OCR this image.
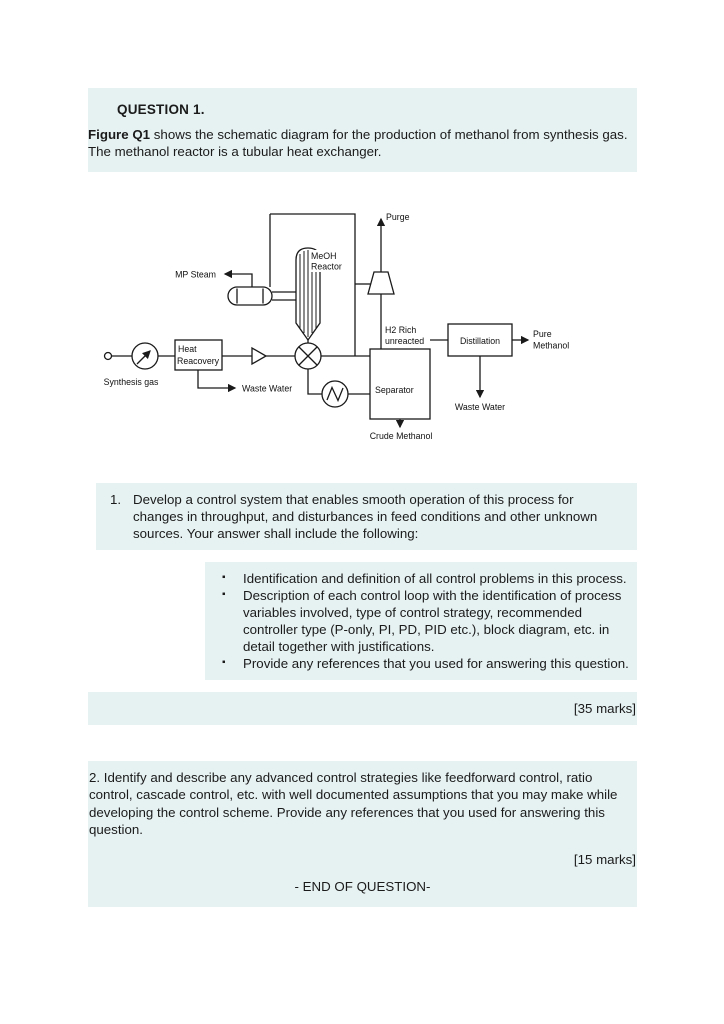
QUESTION 1.

Figure Q1 shows the schematic diagram for the production of methanol from synthesis gas. The methanol reactor is a tubular heat exchanger.

Purge
MeOH
Reactor
MP Steam
H2 Rich
unreacted	Distillation
Pure
Methanol
Heat
Reacovery
Synthesis gas
Waste Water	Separator
Waste Water
Crude Methanol
1. Develop a control system that enables smooth operation of this process for changes in throughput, and disturbances in feed conditions and other unknown sources. Your answer shall include the following:
▪	Identification and definition of all control problems in this process.
▪	Description of each control loop with the identification of process variables involved, type of control strategy, recommended controller type (P-only, PI, PD, PID etc.), block diagram, etc. in detail together with justifications.
▪	Provide any references that you used for answering this question.
[35 marks]

2. Identify and describe any advanced control strategies like feedforward control, ratio control, cascade control, etc. with well documented assumptions that you may make while developing the control scheme. Provide any references that you used for answering this question.

[15 marks]
- END OF QUESTION-
